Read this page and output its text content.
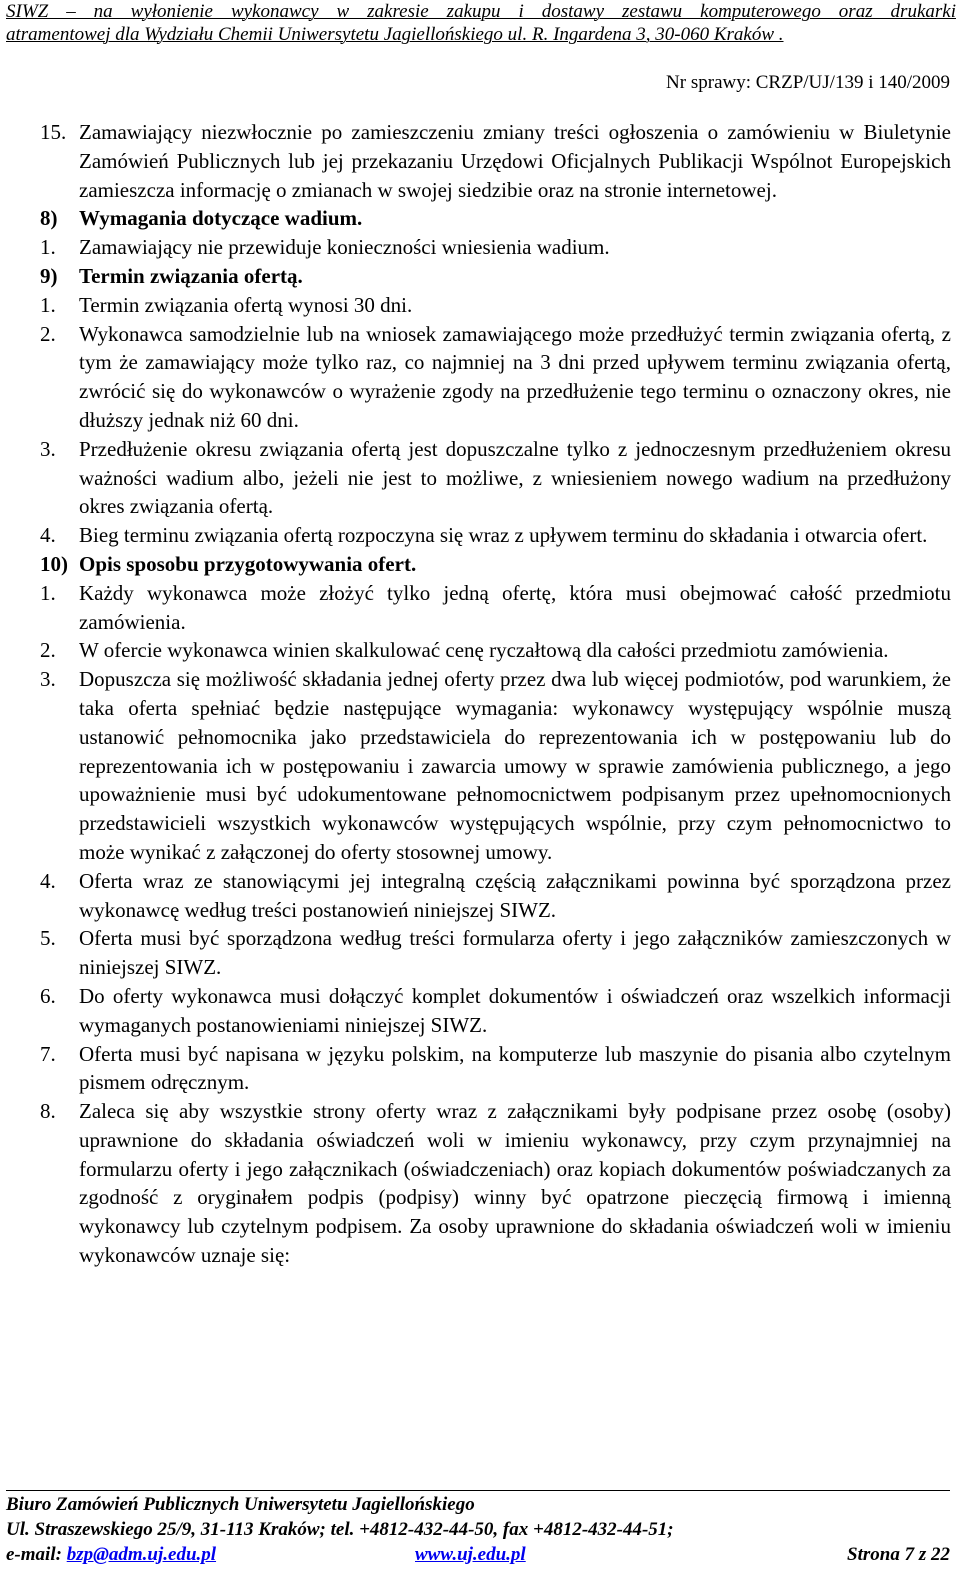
SIWZ – na wyłonienie wykonawcy w zakresie zakupu i dostawy zestawu komputerowego oraz drukarki
atramentowej dla Wydziału Chemii Uniwersytetu Jagiellońskiego ul. R. Ingardena 3, 30-060 Kraków .
Nr sprawy: CRZP/UJ/139 i 140/2009
15. Zamawiający niezwłocznie po zamieszczeniu zmiany treści ogłoszenia o zamówieniu w Biuletynie Zamówień Publicznych lub jej przekazaniu Urzędowi Oficjalnych Publikacji Wspólnot Europejskich zamieszcza informację o zmianach w swojej siedzibie oraz na stronie internetowej.
8)	Wymagania dotyczące wadium.
1.	Zamawiający nie przewiduje konieczności wniesienia wadium.
9)	Termin związania ofertą.
1.	Termin związania ofertą wynosi 30 dni.
2.	Wykonawca samodzielnie lub na wniosek zamawiającego może przedłużyć termin związania ofertą, z tym że zamawiający może tylko raz, co najmniej na 3 dni przed upływem terminu związania ofertą, zwrócić się do wykonawców o wyrażenie zgody na przedłużenie tego terminu o oznaczony okres, nie dłuższy jednak niż 60 dni.
3.	Przedłużenie okresu związania ofertą jest dopuszczalne tylko z jednoczesnym przedłużeniem okresu ważności wadium albo, jeżeli nie jest to możliwe, z wniesieniem nowego wadium na przedłużony okres związania ofertą.
4.	Bieg terminu związania ofertą rozpoczyna się wraz z upływem terminu do składania i otwarcia ofert.
10) Opis sposobu przygotowywania ofert.
1.	Każdy wykonawca może złożyć tylko jedną ofertę, która musi obejmować całość przedmiotu zamówienia.
2.	W ofercie wykonawca winien skalkulować cenę ryczałtową dla całości przedmiotu zamówienia.
3.	Dopuszcza się możliwość składania jednej oferty przez dwa lub więcej podmiotów, pod warunkiem, że taka oferta spełniać będzie następujące wymagania: wykonawcy występujący wspólnie muszą ustanowić pełnomocnika jako przedstawiciela do reprezentowania ich w postępowaniu lub do reprezentowania ich w postępowaniu i zawarcia umowy w sprawie zamówienia publicznego, a jego upoważnienie musi być udokumentowane pełnomocnictwem podpisanym przez upełnomocnionych przedstawicieli wszystkich wykonawców występujących wspólnie, przy czym pełnomocnictwo to może wynikać z załączonej do oferty stosownej umowy.
4.	Oferta wraz ze stanowiącymi jej integralną częścią załącznikami powinna być sporządzona przez wykonawcę według treści postanowień niniejszej SIWZ.
5.	Oferta musi być sporządzona według treści formularza oferty i jego załączników zamieszczonych w niniejszej SIWZ.
6.	Do oferty wykonawca musi dołączyć komplet dokumentów i oświadczeń oraz wszelkich informacji wymaganych postanowieniami niniejszej SIWZ.
7.	Oferta musi być napisana w języku polskim, na komputerze lub maszynie do pisania albo czytelnym pismem odręcznym.
8.	Zaleca się aby wszystkie strony oferty wraz z załącznikami były podpisane przez osobę (osoby) uprawnione do składania oświadczeń woli w imieniu wykonawcy, przy czym przynajmniej na formularzu oferty i jego załącznikach (oświadczeniach) oraz kopiach dokumentów poświadczanych za zgodność z oryginałem podpis (podpisy) winny być opatrzone pieczęcią firmową i imienną wykonawcy lub czytelnym podpisem. Za osoby uprawnione do składania oświadczeń woli w imieniu wykonawców uznaje się:
Biuro Zamówień Publicznych Uniwersytetu Jagiellońskiego
Ul. Straszewskiego 25/9, 31-113 Kraków; tel. +4812-432-44-50, fax +4812-432-44-51;
e-mail: bzp@adm.uj.edu.pl	www.uj.edu.pl	Strona 7 z 22
